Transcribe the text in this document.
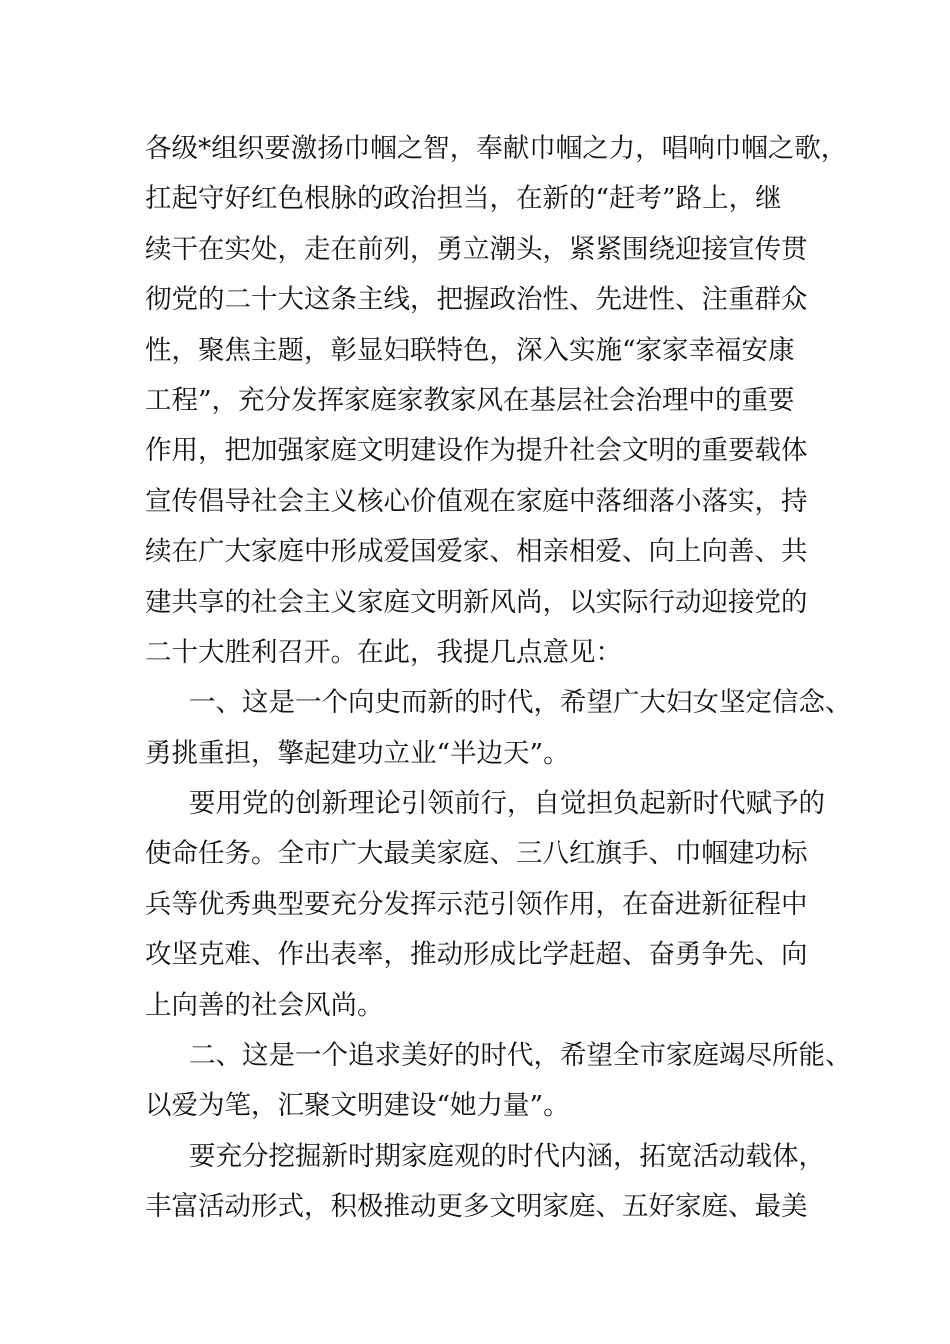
各级*组织要激扬巾帼之智，奉献巾帼之力，唱响巾帼之歌，
扛起守好红色根脉的政治担当，在新的“赶考”路上，继
续干在实处，走在前列，勇立潮头，紧紧围绕迎接宣传贯
彻党的二十大这条主线，把握政治性、先进性、注重群众
性，聚焦主题，彰显妇联特色，深入实施“家家幸福安康
工程”，充分发挥家庭家教家风在基层社会治理中的重要
作用，把加强家庭文明建设作为提升社会文明的重要载体
宣传倡导社会主义核心价值观在家庭中落细落小落实，持
续在广大家庭中形成爱国爱家、相亲相爱、向上向善、共
建共享的社会主义家庭文明新风尚，以实际行动迎接党的
二十大胜利召开。在此，我提几点意见：
一、这是一个向史而新的时代，希望广大妇女坚定信念、
勇挑重担，擎起建功立业“半边天”。
要用党的创新理论引领前行，自觉担负起新时代赋予的
使命任务。全市广大最美家庭、三八红旗手、巾帼建功标
兵等优秀典型要充分发挥示范引领作用，在奋进新征程中
攻坚克难、作出表率，推动形成比学赶超、奋勇争先、向
上向善的社会风尚。
二、这是一个追求美好的时代，希望全市家庭竭尽所能、
以爱为笔，汇聚文明建设“她力量”。
要充分挖掘新时期家庭观的时代内涵，拓宽活动载体，
丰富活动形式，积极推动更多文明家庭、五好家庭、最美
